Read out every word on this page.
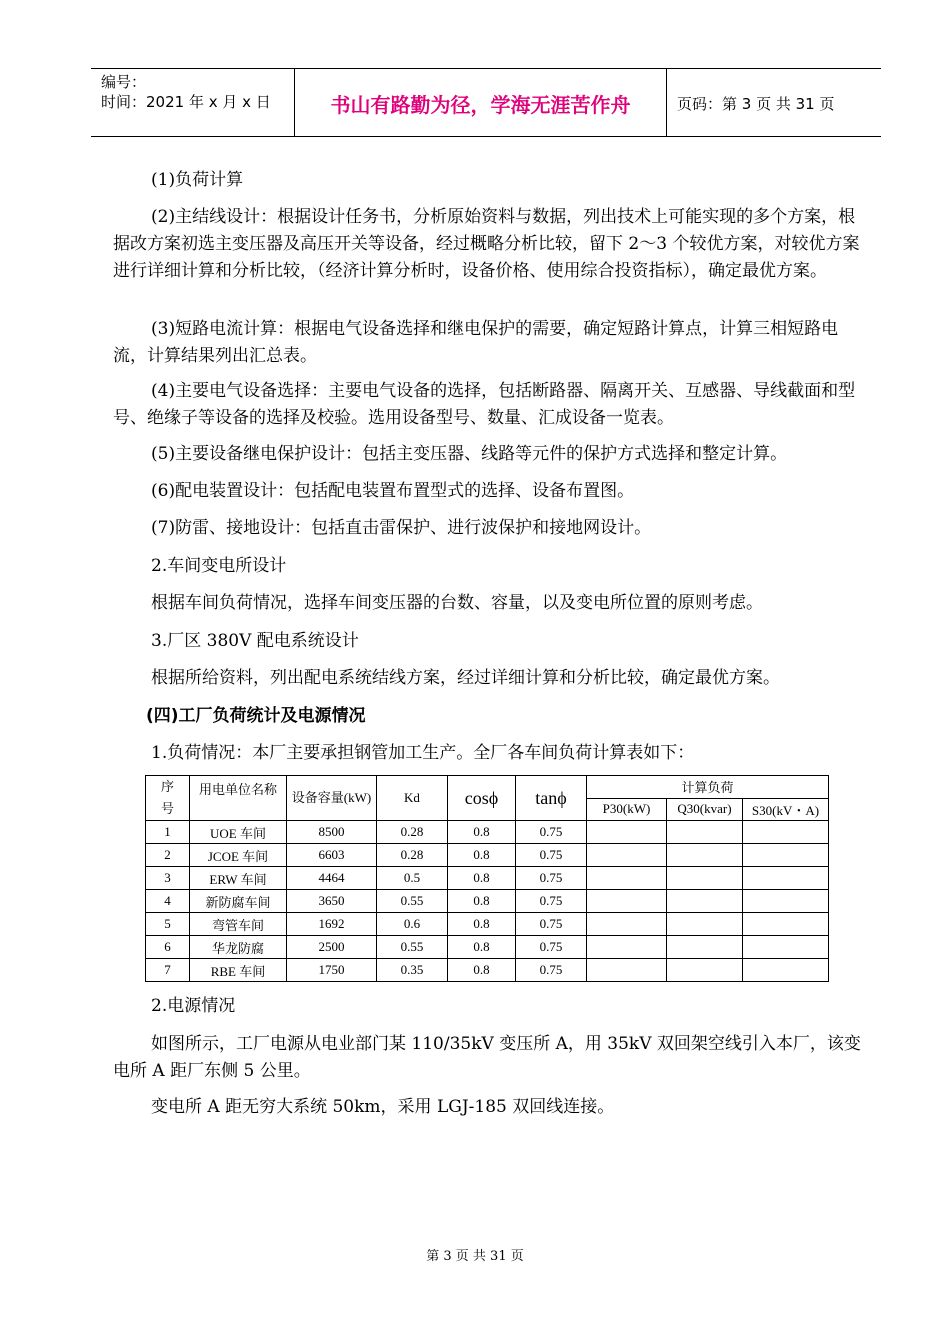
编号：
时间：2021 年 x 月 x 日	书山有路勤为径，学海无涯苦作舟	页码：第 3 页 共 31 页
(1)负荷计算
(2)主结线设计：根据设计任务书，分析原始资料与数据，列出技术上可能实现的多个方案，根据改方案初选主变压器及高压开关等设备，经过概略分析比较，留下 2～3 个较优方案，对较优方案进行详细计算和分析比较，（经济计算分析时，设备价格、使用综合投资指标），确定最优方案。
(3)短路电流计算：根据电气设备选择和继电保护的需要，确定短路计算点，计算三相短路电流，计算结果列出汇总表。
(4)主要电气设备选择：主要电气设备的选择，包括断路器、隔离开关、互感器、导线截面和型号、绝缘子等设备的选择及校验。选用设备型号、数量、汇成设备一览表。
(5)主要设备继电保护设计：包括主变压器、线路等元件的保护方式选择和整定计算。
(6)配电装置设计：包括配电装置布置型式的选择、设备布置图。
(7)防雷、接地设计：包括直击雷保护、进行波保护和接地网设计。
2.车间变电所设计
根据车间负荷情况，选择车间变压器的台数、容量，以及变电所位置的原则考虑。
3.厂区 380V 配电系统设计
根据所给资料，列出配电系统结线方案，经过详细计算和分析比较，确定最优方案。
(四)工厂负荷统计及电源情况
1.负荷情况：本厂主要承担钢管加工生产。全厂各车间负荷计算表如下：
序号	用电单位名称	设备容量(kW)	Kd	cosϕ	tanϕ	计算负荷		
						P30(kW)	Q30(kvar)	S30(kV・A)
1	UOE 车间	8500	0.28	0.8	0.75			
2	JCOE 车间	6603	0.28	0.8	0.75			
3	ERW 车间	4464	0.5	0.8	0.75			
4	新防腐车间	3650	0.55	0.8	0.75			
5	弯管车间	1692	0.6	0.8	0.75			
6	华龙防腐	2500	0.55	0.8	0.75			
7	RBE 车间	1750	0.35	0.8	0.75			
2.电源情况
如图所示，工厂电源从电业部门某 110/35kV 变压所 A，用 35kV 双回架空线引入本厂，该变电所 A 距厂东侧 5 公里。
变电所 A 距无穷大系统 50km，采用 LGJ-185 双回线连接。
第 3 页 共 31 页
